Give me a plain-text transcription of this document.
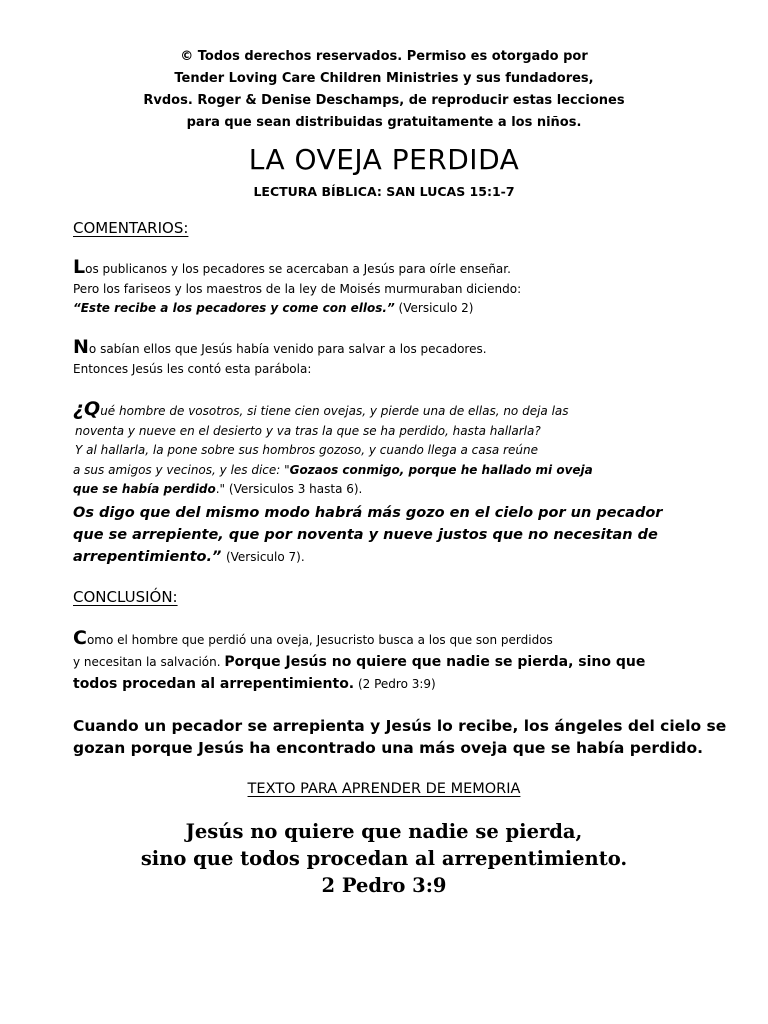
© Todos derechos reservados. Permiso es otorgado por
Tender Loving Care Children Ministries y sus fundadores,
Rvdos. Roger & Denise Deschamps, de reproducir estas lecciones
para que sean distribuidas gratuitamente a los niños.
LA OVEJA PERDIDA
LECTURA BÍBLICA: SAN LUCAS 15:1-7
COMENTARIOS:
Los publicanos y los pecadores se acercaban a Jesús para oírle enseñar.
Pero los fariseos y los maestros de la ley de Moisés murmuraban diciendo:
“Este recibe a los pecadores y come con ellos.” (Versiculo 2)
No sabían ellos que Jesús había venido para salvar a los pecadores.
Entonces Jesús les contó esta parábola:
¿Qué hombre de vosotros, si tiene cien ovejas, y pierde una de ellas, no deja las
noventa y nueve en el desierto y va tras la que se ha perdido, hasta hallarla?
Y al hallarla, la pone sobre sus hombros gozoso, y cuando llega a casa reúne
a sus amigos y vecinos, y les dice: "Gozaos conmigo, porque he hallado mi oveja
que se había perdido." (Versiculos 3 hasta 6).
Os digo que del mismo modo habrá más gozo en el cielo por un pecador
que se arrepiente, que por noventa y nueve justos que no necesitan de
arrepentimiento.” (Versiculo 7).
CONCLUSIÓN:
Como el hombre que perdió una oveja, Jesucristo busca a los que son perdidos
y necesitan la salvación. Porque Jesús no quiere que nadie se pierda, sino que
todos procedan al arrepentimiento. (2 Pedro 3:9)
Cuando un pecador se arrepienta y Jesús lo recibe, los ángeles del cielo se
gozan porque Jesús ha encontrado una más oveja que se había perdido.
TEXTO PARA APRENDER DE MEMORIA
Jesús no quiere que nadie se pierda,
sino que todos procedan al arrepentimiento.
2 Pedro 3:9
